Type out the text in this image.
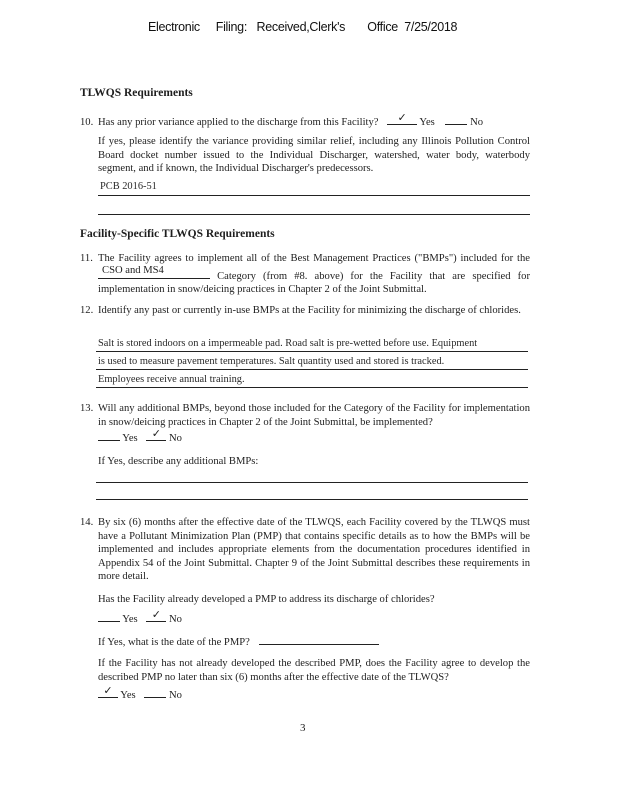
Electronic     Filing:   Received,Clerk's       Office  7/25/2018
TLWQS Requirements
10. Has any prior variance applied to the discharge from this Facility? ✓ Yes	No
If yes, please identify the variance providing similar relief, including any Illinois Pollution Control Board docket number issued to the Individual Discharger, watershed, water body, waterbody segment, and if known, the Individual Discharger's predecessors.
PCB 2016-51
Facility-Specific TLWQS Requirements
11. The Facility agrees to implement all of the Best Management Practices ("BMPs") included for the
CSO and MS4
Category (from #8. above) for the Facility that are specified for implementation in snow/deicing practices in Chapter 2 of the Joint Submittal.
12. Identify any past or currently in-use BMPs at the Facility for minimizing the discharge of chlorides.
Salt is stored indoors on a impermeable pad. Road salt is pre-wetted before use. Equipment
is used to measure pavement temperatures. Salt quantity used and stored is tracked.
Employees receive annual training.
13. Will any additional BMPs, beyond those included for the Category of the Facility for implementation in snow/deicing practices in Chapter 2 of the Joint Submittal, be implemented?
Yes ✓ No
If Yes, describe any additional BMPs:
14. By six (6) months after the effective date of the TLWQS, each Facility covered by the TLWQS must have a Pollutant Minimization Plan (PMP) that contains specific details as to how the BMPs will be implemented and includes appropriate elements from the documentation procedures identified in Appendix 54 of the Joint Submittal. Chapter 9 of the Joint Submittal describes these requirements in more detail.
Has the Facility already developed a PMP to address its discharge of chlorides?
Yes ✓ No
If Yes, what is the date of the PMP?
If the Facility has not already developed the described PMP, does the Facility agree to develop the described PMP no later than six (6) months after the effective date of the TLWQS?
✓ Yes	No
3
